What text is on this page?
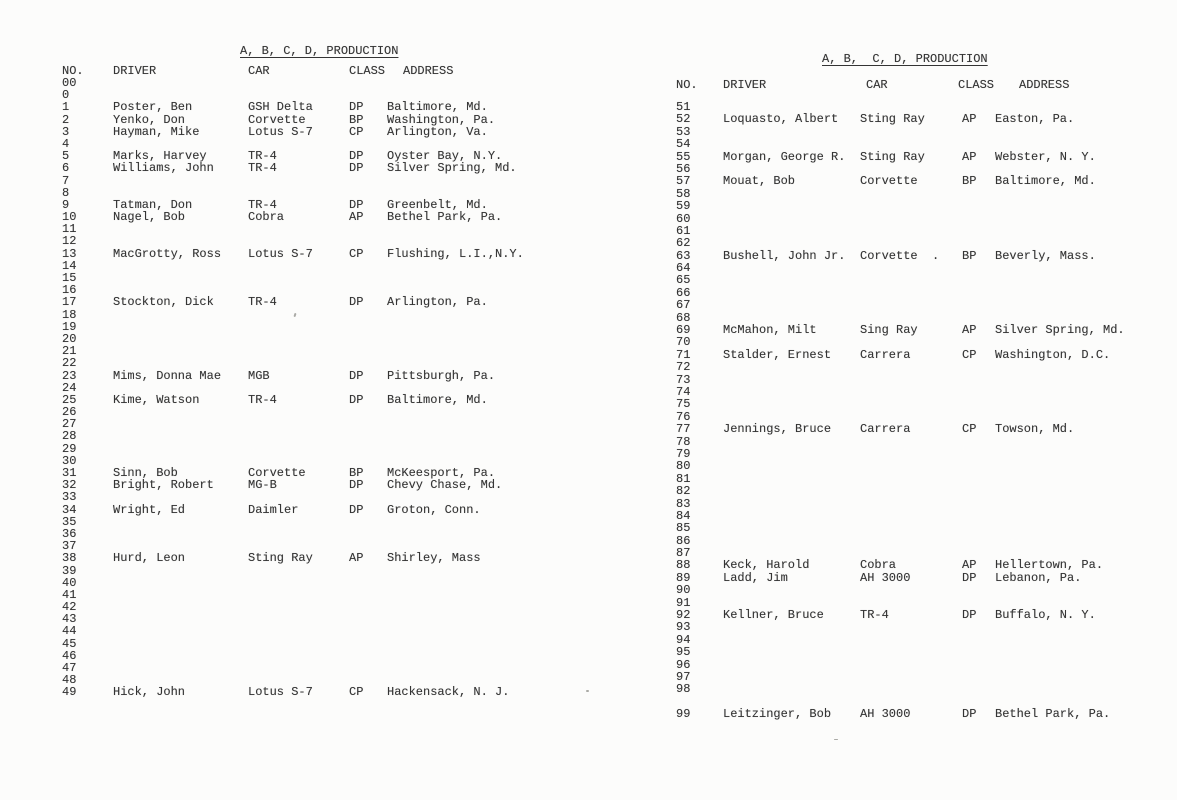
A, B, C, D, PRODUCTION
NO.	DRIVER	CAR	CLASS	ADDRESS
00
0
1	Poster, Ben	GSH Delta	DP	Baltimore, Md.
2	Yenko, Don	Corvette	BP	Washington, Pa.
3	Hayman, Mike	Lotus S-7	CP	Arlington, Va.
4
5	Marks, Harvey	TR-4	DP	Oyster Bay, N.Y.
6	Williams, John	TR-4	DP	Silver Spring, Md.
7
8
9	Tatman, Don	TR-4	DP	Greenbelt, Md.
10	Nagel, Bob	Cobra	AP	Bethel Park, Pa.
11
12
13	MacGrotty, Ross	Lotus S-7	CP	Flushing, L.I.,N.Y.
14
15
16
17	Stockton, Dick	TR-4	DP	Arlington, Pa.
18
19
20
21
22
23	Mims, Donna Mae	MGB	DP	Pittsburgh, Pa.
24
25	Kime, Watson	TR-4	DP	Baltimore, Md.
26
27
28
29
30
31	Sinn, Bob	Corvette	BP	McKeesport, Pa.
32	Bright, Robert	MG-B	DP	Chevy Chase, Md.
33
34	Wright, Ed	Daimler	DP	Groton, Conn.
35
36
37
38	Hurd, Leon	Sting Ray	AP	Shirley, Mass
39
40
41
42
43
44
45
46
47
48
49	Hick, John	Lotus S-7	CP	Hackensack, N. J.
A, B,  C, D, PRODUCTION
NO.	DRIVER	CAR	CLASS	ADDRESS
51
52	Loquasto, Albert	Sting Ray	AP	Easton, Pa.
53
54
55	Morgan, George R.	Sting Ray	AP	Webster, N. Y.
56
57	Mouat, Bob	Corvette	BP	Baltimore, Md.
58
59
60
61
62
63	Bushell, John Jr.	Corvette  .	BP	Beverly, Mass.
64
65
66
67
68
69	McMahon, Milt	Sing Ray	AP	Silver Spring, Md.
70
71	Stalder, Ernest	Carrera	CP	Washington, D.C.
72
73
74
75
76
77	Jennings, Bruce	Carrera	CP	Towson, Md.
78
79
80
81
82
83
84
85
86
87
88	Keck, Harold	Cobra	AP	Hellertown, Pa.
89	Ladd, Jim	AH 3000	DP	Lebanon, Pa.
90
91
92	Kellner, Bruce	TR-4	DP	Buffalo, N. Y.
93
94
95
96
97
98
99	Leitzinger, Bob	AH 3000	DP	Bethel Park, Pa.
